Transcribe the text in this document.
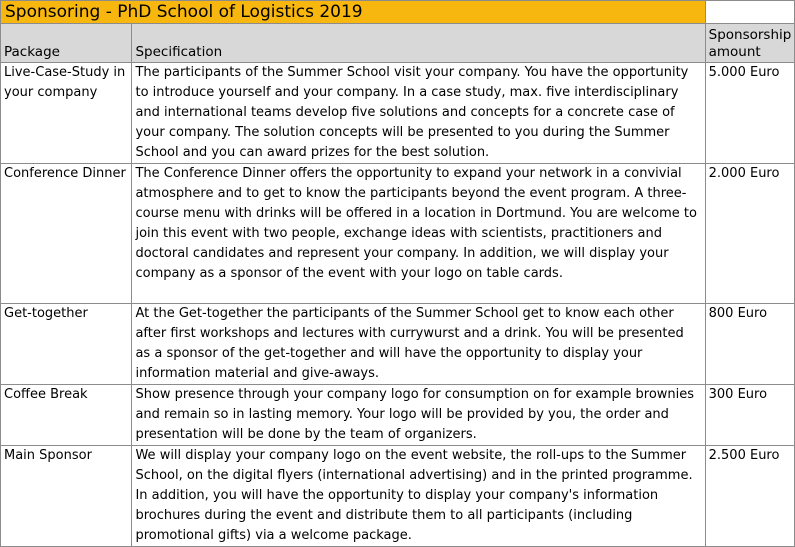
Sponsoring - PhD School of Logistics 2019		
Package	Specification	Sponsorship amount
Live-Case-Study in your company	The participants of the Summer School visit your company. You have the opportunity to introduce yourself and your company. In a case study, max. five interdisciplinary and international teams develop five solutions and concepts for a concrete case of your company. The solution concepts will be presented to you during the Summer School and you can award prizes for the best solution.	5.000 Euro
Conference Dinner	The Conference Dinner offers the opportunity to expand your network in a convivial atmosphere and to get to know the participants beyond the event program. A three-course menu with drinks will be offered in a location in Dortmund. You are welcome to join this event with two people, exchange ideas with scientists, practitioners and doctoral candidates and represent your company. In addition, we will display your company as a sponsor of the event with your logo on table cards.	2.000 Euro
Get-together	At the Get-together the participants of the Summer School get to know each other after first workshops and lectures with currywurst and a drink. You will be presented as a sponsor of the get-together and will have the opportunity to display your information material and give-aways.	800 Euro
Coffee Break	Show presence through your company logo for consumption on for example brownies and remain so in lasting memory. Your logo will be provided by you, the order and presentation will be done by the team of organizers.	300 Euro
Main Sponsor	We will display your company logo on the event website, the roll-ups to the Summer School, on the digital flyers (international advertising) and in the printed programme. In addition, you will have the opportunity to display your company's information brochures during the event and distribute them to all participants (including promotional gifts) via a welcome package.	2.500 Euro
